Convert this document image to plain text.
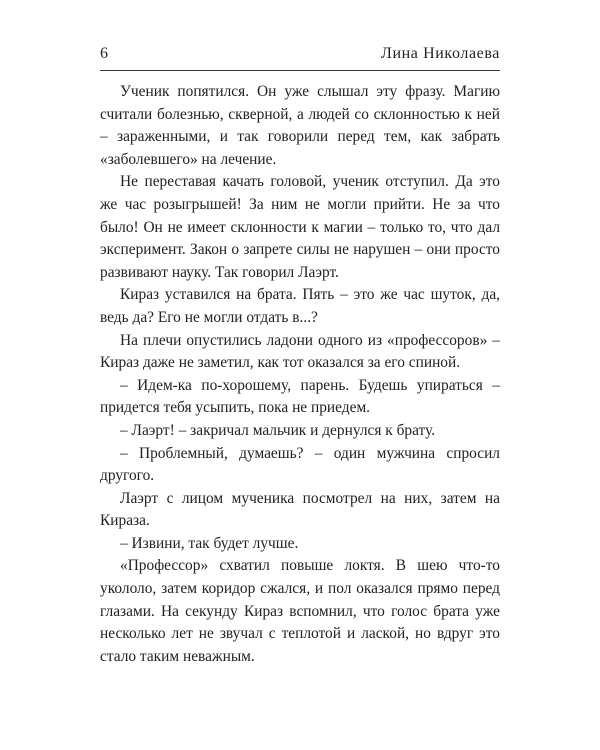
6	Лина Николаева

Ученик попятился. Он уже слышал эту фразу. Магию считали болезнью, скверной, а людей со склонностью к ней – зараженными, и так говорили перед тем, как забрать «заболевшего» на лечение.

Не переставая качать головой, ученик отступил. Да это же час розыгрышей! За ним не могли прийти. Не за что было! Он не имеет склонности к магии – только то, что дал эксперимент. Закон о запрете силы не нарушен – они просто развивают науку. Так говорил Лаэрт.

Кираз уставился на брата. Пять – это же час шуток, да, ведь да? Его не могли отдать в...?

На плечи опустились ладони одного из «профессоров» – Кираз даже не заметил, как тот оказался за его спиной.

– Идем-ка по-хорошему, парень. Будешь упираться – придется тебя усыпить, пока не приедем.

– Лаэрт! – закричал мальчик и дернулся к брату.

– Проблемный, думаешь? – один мужчина спросил другого.

Лаэрт с лицом мученика посмотрел на них, затем на Кираза.

– Извини, так будет лучше.

«Профессор» схватил повыше локтя. В шею что-то укололо, затем коридор сжался, и пол оказался прямо перед глазами. На секунду Кираз вспомнил, что голос брата уже несколько лет не звучал с теплотой и лаской, но вдруг это стало таким неважным.
